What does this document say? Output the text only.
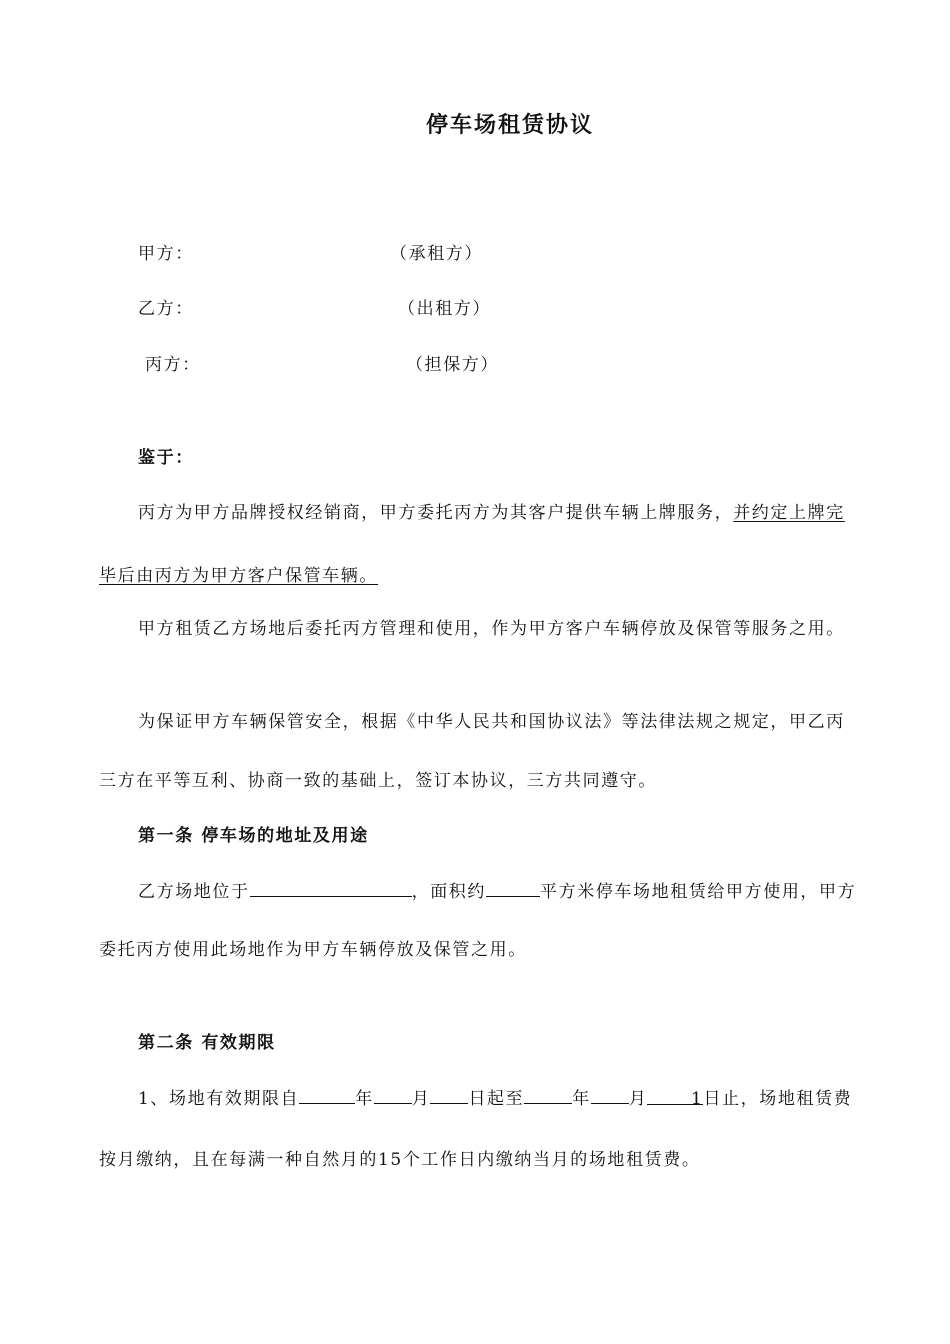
停车场租赁协议
甲方：	（承租方）
乙方：	（出租方）
丙方：	（担保方）
鉴于：
丙方为甲方品牌授权经销商，甲方委托丙方为其客户提供车辆上牌服务，并约定上牌完
毕后由丙方为甲方客户保管车辆。
甲方租赁乙方场地后委托丙方管理和使用，作为甲方客户车辆停放及保管等服务之用。
为保证甲方车辆保管安全，根据《中华人民共和国协议法》等法律法规之规定，甲乙丙
三方在平等互利、协商一致的基础上，签订本协议，三方共同遵守。
第一条 停车场的地址及用途
乙方场地位于	，面积约	平方米停车场地租赁给甲方使用，甲方
委托丙方使用此场地作为甲方车辆停放及保管之用。
第二条 有效期限
1、场地有效期限自	年 月 日起至	年 月	1日止，场地租赁费
按月缴纳，且在每满一种自然月的15个工作日内缴纳当月的场地租赁费。
